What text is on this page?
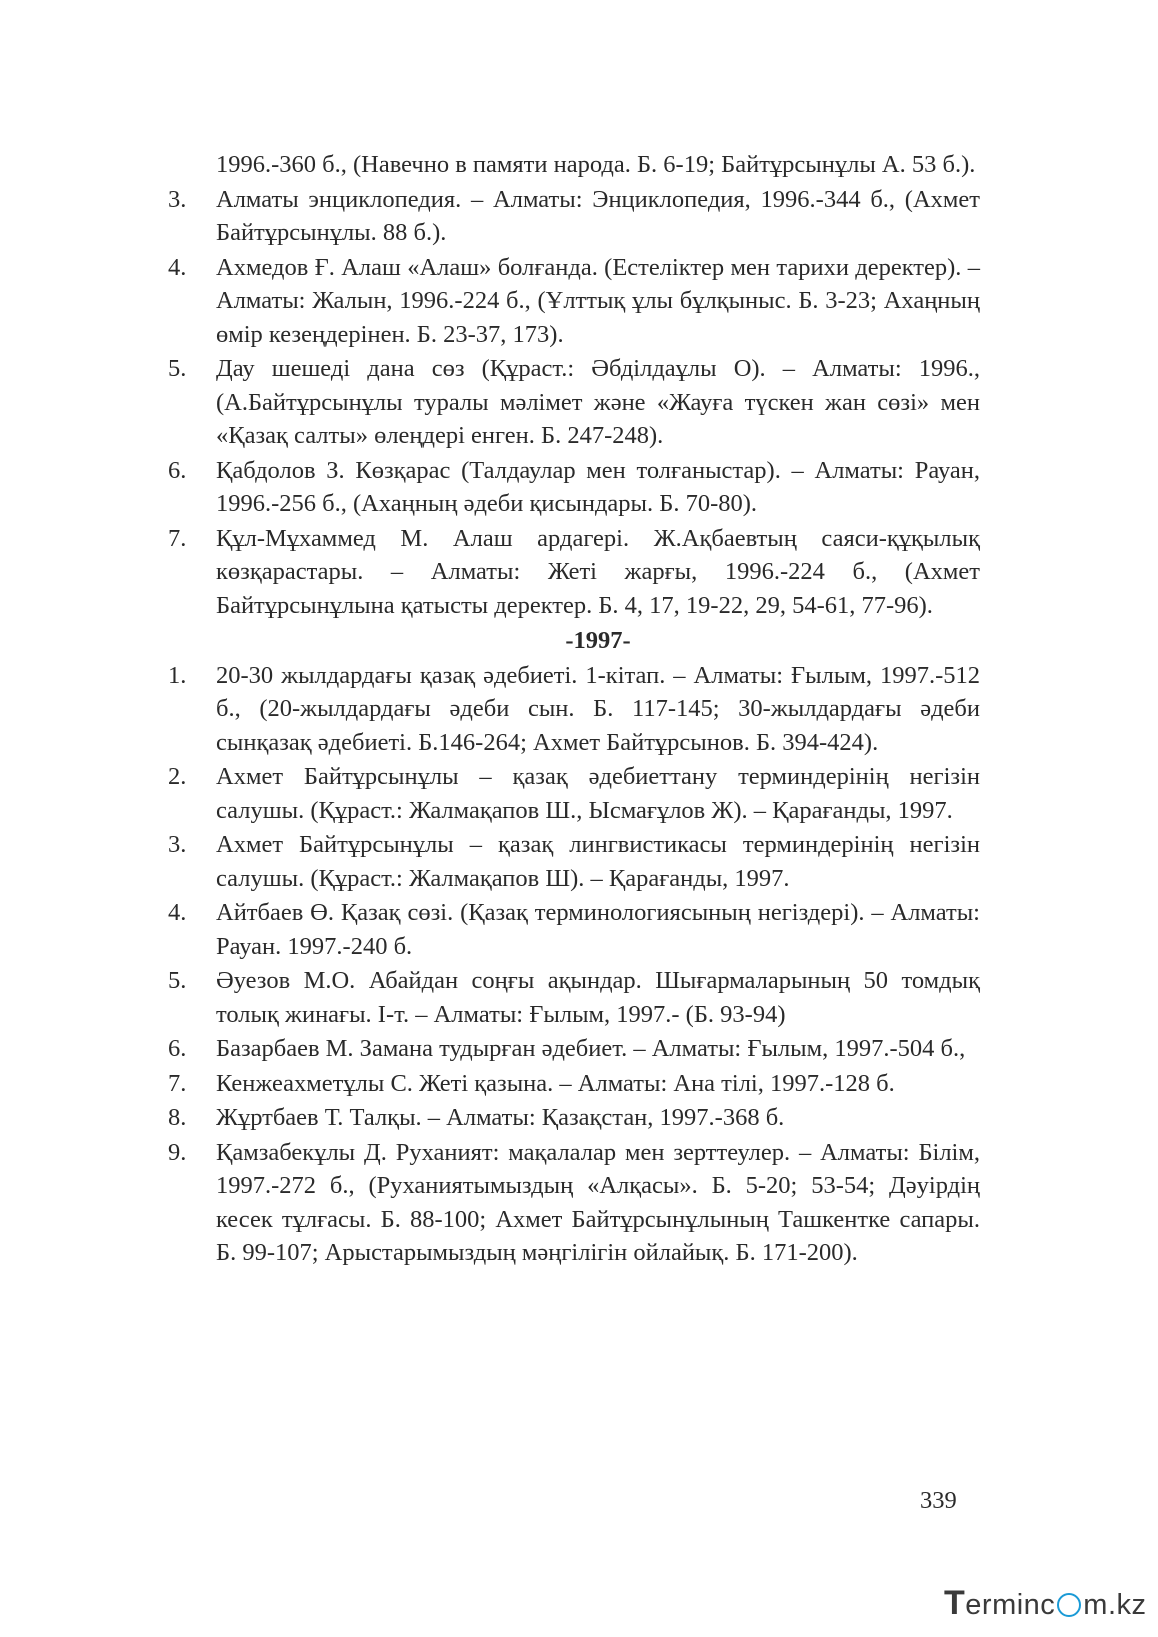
1996.-360 б., (Навечно в памяти народа. Б. 6-19; Байтұрсынұлы А. 53 б.).
3. Алматы энциклопедия. – Алматы: Энциклопедия, 1996.-344 б., (Ахмет Байтұрсынұлы. 88 б.).
4. Ахмедов Ғ. Алаш «Алаш» болғанда. (Естеліктер мен тарихи деректер). – Алматы: Жалын, 1996.-224 б., (Ұлттық ұлы бұлқыныс. Б. 3-23; Ахаңның өмір кезеңдерінен. Б. 23-37, 173).
5. Дау шешеді дана сөз (Құраст.: Әбділдаұлы О). – Алматы: 1996., (А.Байтұрсынұлы туралы мәлімет және «Жауға түскен жан сөзі» мен «Қазақ салты» өлеңдері енген. Б. 247-248).
6. Қабдолов З. Көзқарас (Талдаулар мен толғаныстар). – Алматы: Рауан, 1996.-256 б., (Ахаңның әдеби қисындары. Б. 70-80).
7. Құл-Мұхаммед М. Алаш ардагері. Ж.Ақбаевтың саяси-құқылық көзқарастары. – Алматы: Жеті жарғы, 1996.-224 б., (Ахмет Байтұрсынұлына қатысты деректер. Б. 4, 17, 19-22, 29, 54-61, 77-96).
-1997-
1. 20-30 жылдардағы қазақ әдебиеті. 1-кітап. – Алматы: Ғылым, 1997.-512 б., (20-жылдардағы әдеби сын. Б. 117-145; 30-жылдардағы әдеби сынқазақ әдебиеті. Б.146-264; Ахмет Байтұрсынов. Б. 394-424).
2. Ахмет Байтұрсынұлы – қазақ әдебиеттану терминдерінің негізін салушы. (Құраст.: Жалмақапов Ш., Ысмағұлов Ж). – Қарағанды, 1997.
3. Ахмет Байтұрсынұлы – қазақ лингвистикасы терминдерінің негізін салушы. (Құраст.: Жалмақапов Ш). – Қарағанды, 1997.
4. Айтбаев Ө. Қазақ сөзі. (Қазақ терминологиясының негіздері). – Алматы: Рауан. 1997.-240 б.
5. Әуезов М.О. Абайдан соңғы ақындар. Шығармаларының 50 томдық толық жинағы. І-т. – Алматы: Ғылым, 1997.- (Б. 93-94)
6. Базарбаев М. Замана тудырған әдебиет. – Алматы: Ғылым, 1997.-504 б.,
7. Кенжеахметұлы С. Жеті қазына. – Алматы: Ана тілі, 1997.-128 б.
8. Жұртбаев Т. Талқы. – Алматы: Қазақстан, 1997.-368 б.
9. Қамзабекұлы Д. Руханият: мақалалар мен зерттеулер. – Алматы: Білім, 1997.-272 б., (Руханиятымыздың «Алқасы». Б. 5-20; 53-54; Дәуірдің кесек тұлғасы. Б. 88-100; Ахмет Байтұрсынұлының Ташкентке сапары. Б. 99-107; Арыстарымыздың мәңгілігін ойлайық. Б. 171-200).
339
Terminc m.kz
